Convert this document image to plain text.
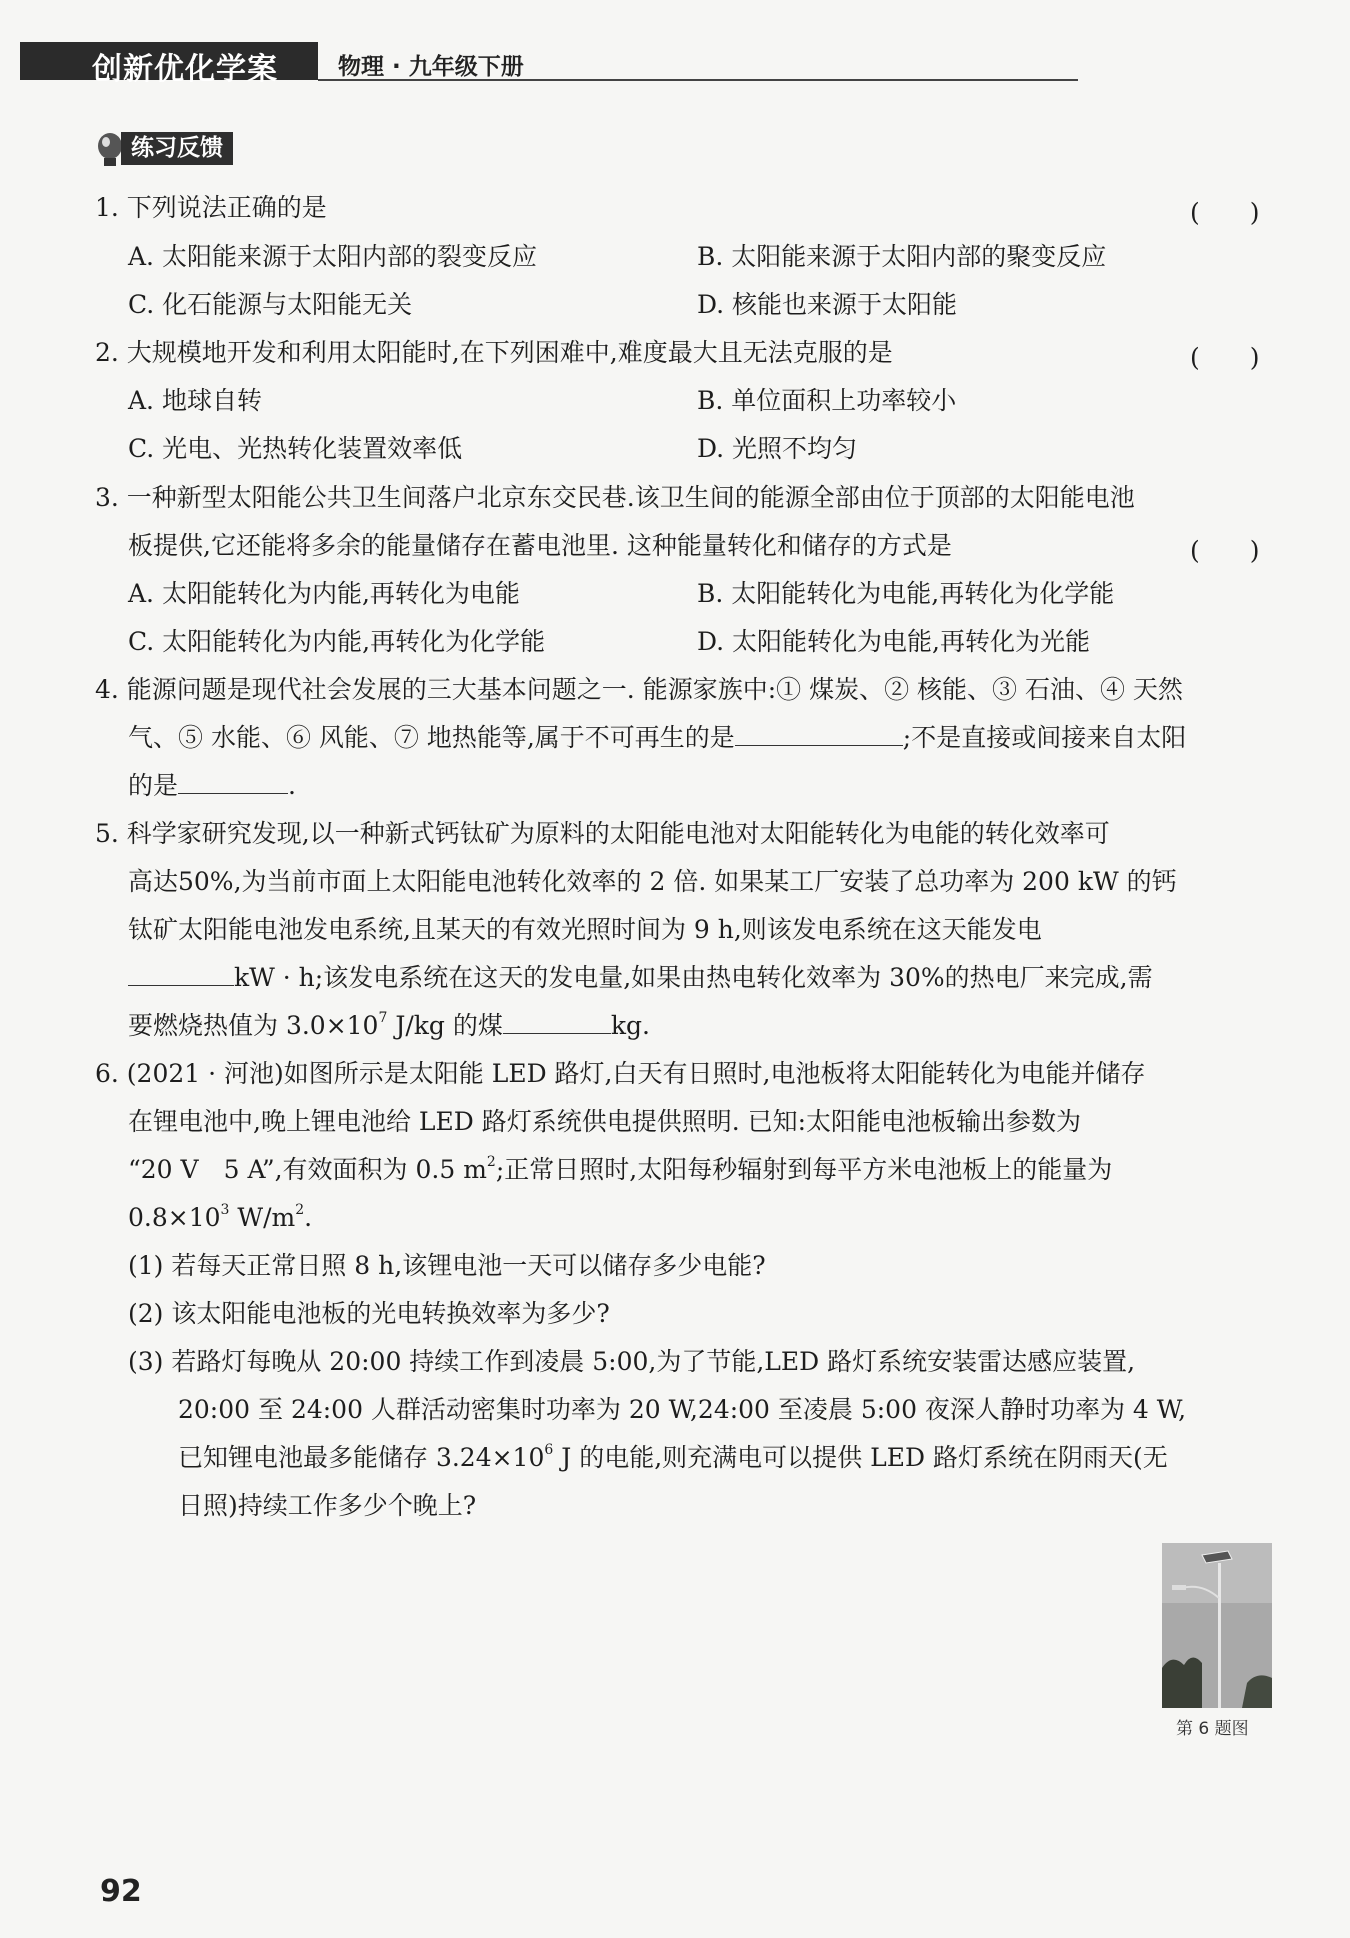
创新优化学案	物理 · 九年级下册
练习反馈
1. 下列说法正确的是	(　　)
A. 太阳能来源于太阳内部的裂变反应	B. 太阳能来源于太阳内部的聚变反应
C. 化石能源与太阳能无关	D. 核能也来源于太阳能
2. 大规模地开发和利用太阳能时,在下列困难中,难度最大且无法克服的是	(　　)
A. 地球自转	B. 单位面积上功率较小
C. 光电、光热转化装置效率低	D. 光照不均匀
3. 一种新型太阳能公共卫生间落户北京东交民巷.该卫生间的能源全部由位于顶部的太阳能电池
板提供,它还能将多余的能量储存在蓄电池里. 这种能量转化和储存的方式是	(　　)
A. 太阳能转化为内能,再转化为电能	B. 太阳能转化为电能,再转化为化学能
C. 太阳能转化为内能,再转化为化学能	D. 太阳能转化为电能,再转化为光能
4. 能源问题是现代社会发展的三大基本问题之一. 能源家族中:① 煤炭、② 核能、③ 石油、④ 天然
气、⑤ 水能、⑥ 风能、⑦ 地热能等,属于不可再生的是	;不是直接或间接来自太阳
的是	.
5. 科学家研究发现,以一种新式钙钛矿为原料的太阳能电池对太阳能转化为电能的转化效率可
高达50%,为当前市面上太阳能电池转化效率的 2 倍. 如果某工厂安装了总功率为 200 kW 的钙
钛矿太阳能电池发电系统,且某天的有效光照时间为 9 h,则该发电系统在这天能发电
kW · h;该发电系统在这天的发电量,如果由热电转化效率为 30%的热电厂来完成,需
要燃烧热值为 $3.0\times 10^7$ J/kg 的煤	kg.
6. (2021 · 河池)如图所示是太阳能 LED 路灯,白天有日照时,电池板将太阳能转化为电能并储存
在锂电池中,晚上锂电池给 LED 路灯系统供电提供照明. 已知:太阳能电池板输出参数为
“20 V　5 A”,有效面积为 0.5 $m^2$;正常日照时,太阳每秒辐射到每平方米电池板上的能量为
$0.8\times 10^3$ $W/m^2$.
(1) 若每天正常日照 8 h,该锂电池一天可以储存多少电能?
(2) 该太阳能电池板的光电转换效率为多少?
(3) 若路灯每晚从 20:00 持续工作到凌晨 5:00,为了节能,LED 路灯系统安装雷达感应装置,
20:00 至 24:00 人群活动密集时功率为 20 W,24:00 至凌晨 5:00 夜深人静时功率为 4 W,
已知锂电池最多能储存 $3.24\times 10^6$ J 的电能,则充满电可以提供 LED 路灯系统在阴雨天(无
日照)持续工作多少个晚上?
第 6 题图
92
